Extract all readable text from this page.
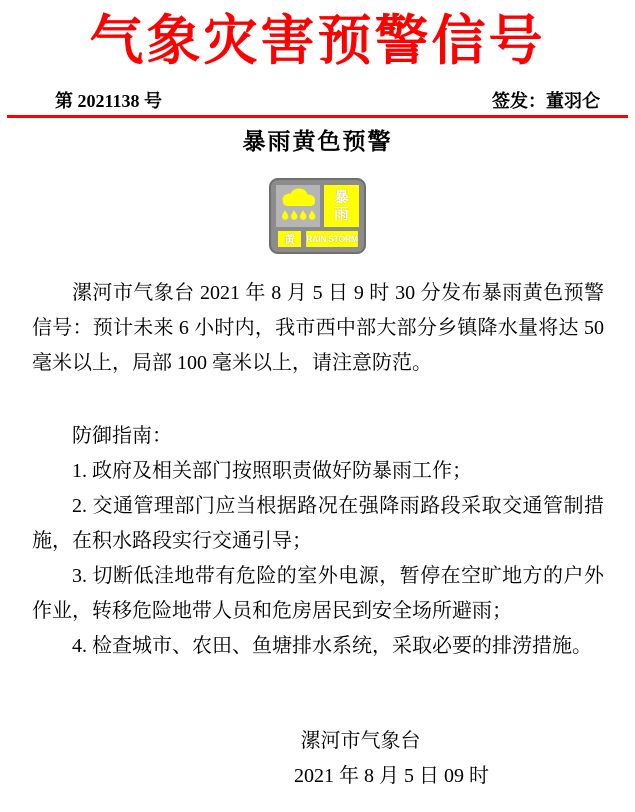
气象灾害预警信号
第 2021138 号	签发：董羽仑
暴雨黄色预警
暴
雨
黄	RAIN STORM

漯河市气象台 2021 年 8 月 5 日 9 时 30 分发布暴雨黄色预警信号：预计未来 6 小时内，我市西中部大部分乡镇降水量将达 50 毫米以上，局部 100 毫米以上，请注意防范。

防御指南：

1. 政府及相关部门按照职责做好防暴雨工作；

2. 交通管理部门应当根据路况在强降雨路段采取交通管制措施，在积水路段实行交通引导；

3. 切断低洼地带有危险的室外电源，暂停在空旷地方的户外作业，转移危险地带人员和危房居民到安全场所避雨；

4. 检查城市、农田、鱼塘排水系统，采取必要的排涝措施。

漯河市气象台
2021 年 8 月 5 日 09 时
